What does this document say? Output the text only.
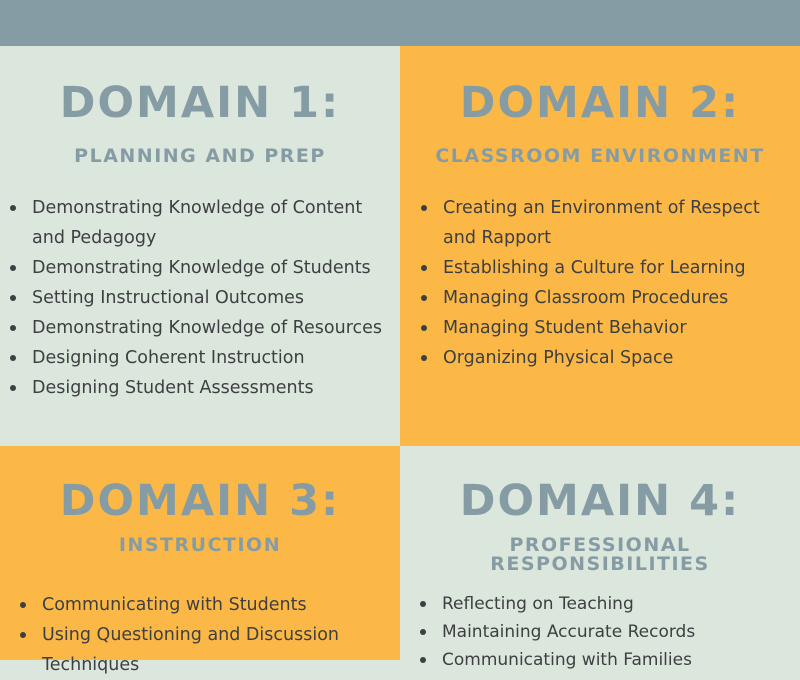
DOMAIN 1:
PLANNING AND PREP
Demonstrating Knowledge of Content and Pedagogy
Demonstrating Knowledge of Students
Setting Instructional Outcomes
Demonstrating Knowledge of Resources
Designing Coherent Instruction
Designing Student Assessments
DOMAIN 2:
CLASSROOM ENVIRONMENT
Creating an Environment of Respect and Rapport
Establishing a Culture for Learning
Managing Classroom Procedures
Managing Student Behavior
Organizing Physical Space
DOMAIN 3:
INSTRUCTION
Communicating with Students
Using Questioning and Discussion Techniques
DOMAIN 4:
PROFESSIONAL RESPONSIBILITIES
Reflecting on Teaching
Maintaining Accurate Records
Communicating with Families
